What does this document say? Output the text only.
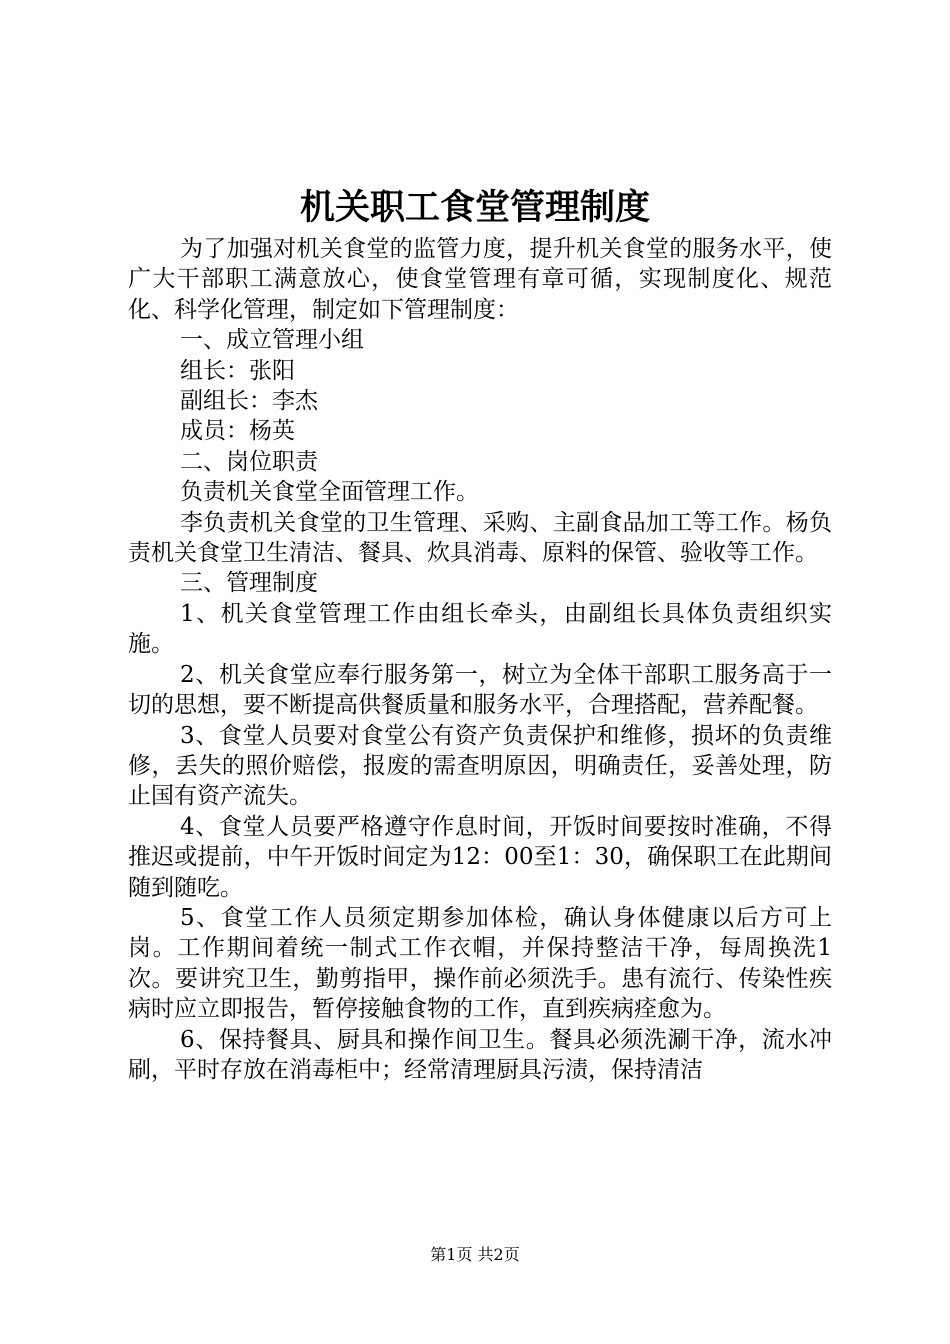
机关职工食堂管理制度

为了加强对机关食堂的监管力度，提升机关食堂的服务水平，使广大干部职工满意放心，使食堂管理有章可循，实现制度化、规范化、科学化管理，制定如下管理制度：

一、成立管理小组

组长：张阳

副组长：李杰

成员：杨英

二、岗位职责

负责机关食堂全面管理工作。

李负责机关食堂的卫生管理、采购、主副食品加工等工作。杨负责机关食堂卫生清洁、餐具、炊具消毒、原料的保管、验收等工作。

三、管理制度

1、机关食堂管理工作由组长牵头，由副组长具体负责组织实施。

2、机关食堂应奉行服务第一，树立为全体干部职工服务高于一切的思想，要不断提高供餐质量和服务水平，合理搭配，营养配餐。

3、食堂人员要对食堂公有资产负责保护和维修，损坏的负责维修，丢失的照价赔偿，报废的需查明原因，明确责任，妥善处理，防止国有资产流失。

4、食堂人员要严格遵守作息时间，开饭时间要按时准确，不得推迟或提前，中午开饭时间定为12：00至1：30，确保职工在此期间随到随吃。

5、食堂工作人员须定期参加体检，确认身体健康以后方可上岗。工作期间着统一制式工作衣帽，并保持整洁干净，每周换洗1次。要讲究卫生，勤剪指甲，操作前必须洗手。患有流行、传染性疾病时应立即报告，暂停接触食物的工作，直到疾病痊愈为。

6、保持餐具、厨具和操作间卫生。餐具必须洗涮干净，流水冲刷，平时存放在消毒柜中；经常清理厨具污渍，保持清洁

第1页 共2页
